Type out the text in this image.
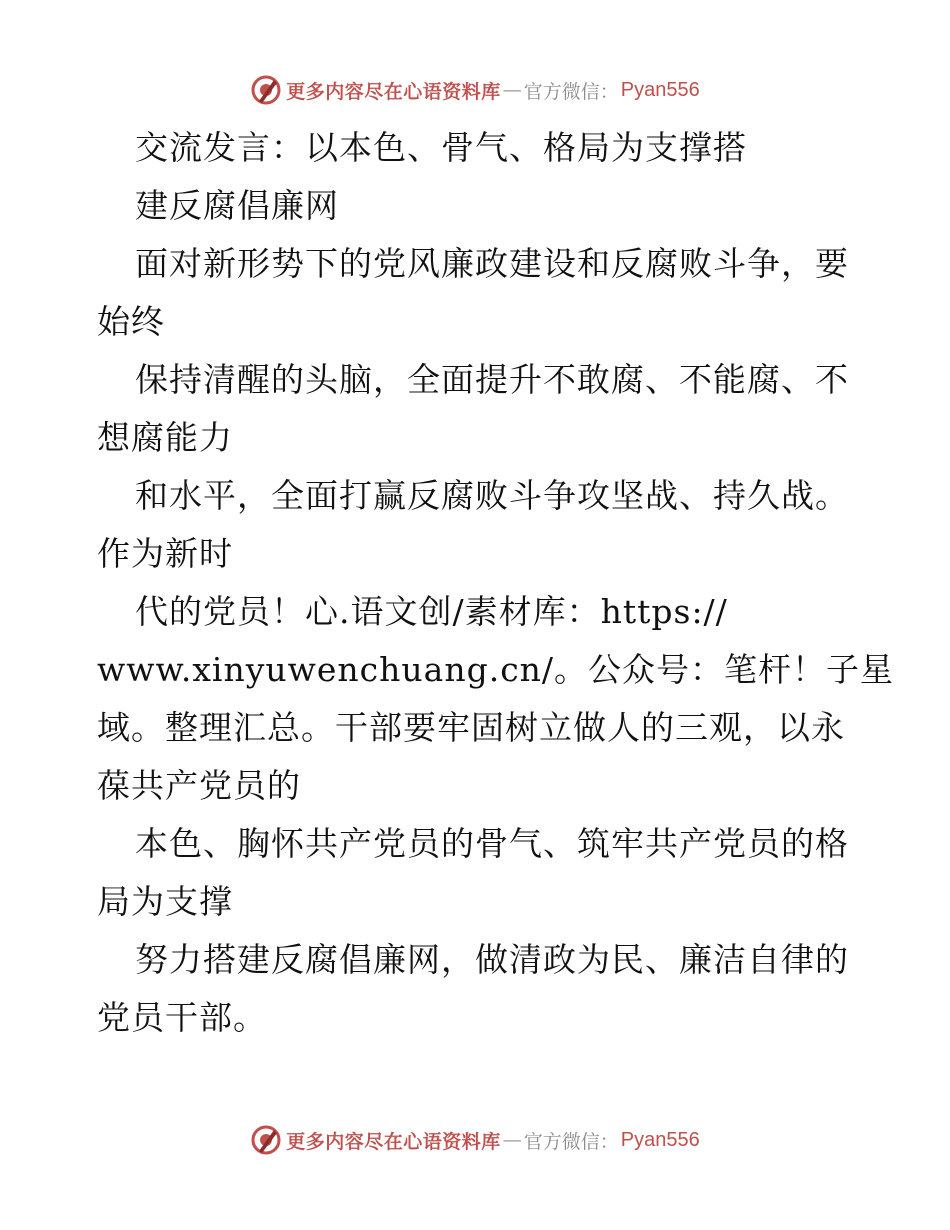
更多内容尽在心语资料库 — 官方微信： Pyan556
交流发言：以本色、骨气、格局为支撑搭
建反腐倡廉网
面对新形势下的党风廉政建设和反腐败斗争，要
始终
保持清醒的头脑，全面提升不敢腐、不能腐、不
想腐能力
和水平，全面打赢反腐败斗争攻坚战、持久战。
作为新时
代的党员！心.语文创/素材库：https://
www.xinyuwenchuang.cn/。公众号：笔杆！子星
域。整理汇总。干部要牢固树立做人的三观，以永
葆共产党员的
本色、胸怀共产党员的骨气、筑牢共产党员的格
局为支撑
努力搭建反腐倡廉网，做清政为民、廉洁自律的
党员干部。
更多内容尽在心语资料库 — 官方微信： Pyan556
